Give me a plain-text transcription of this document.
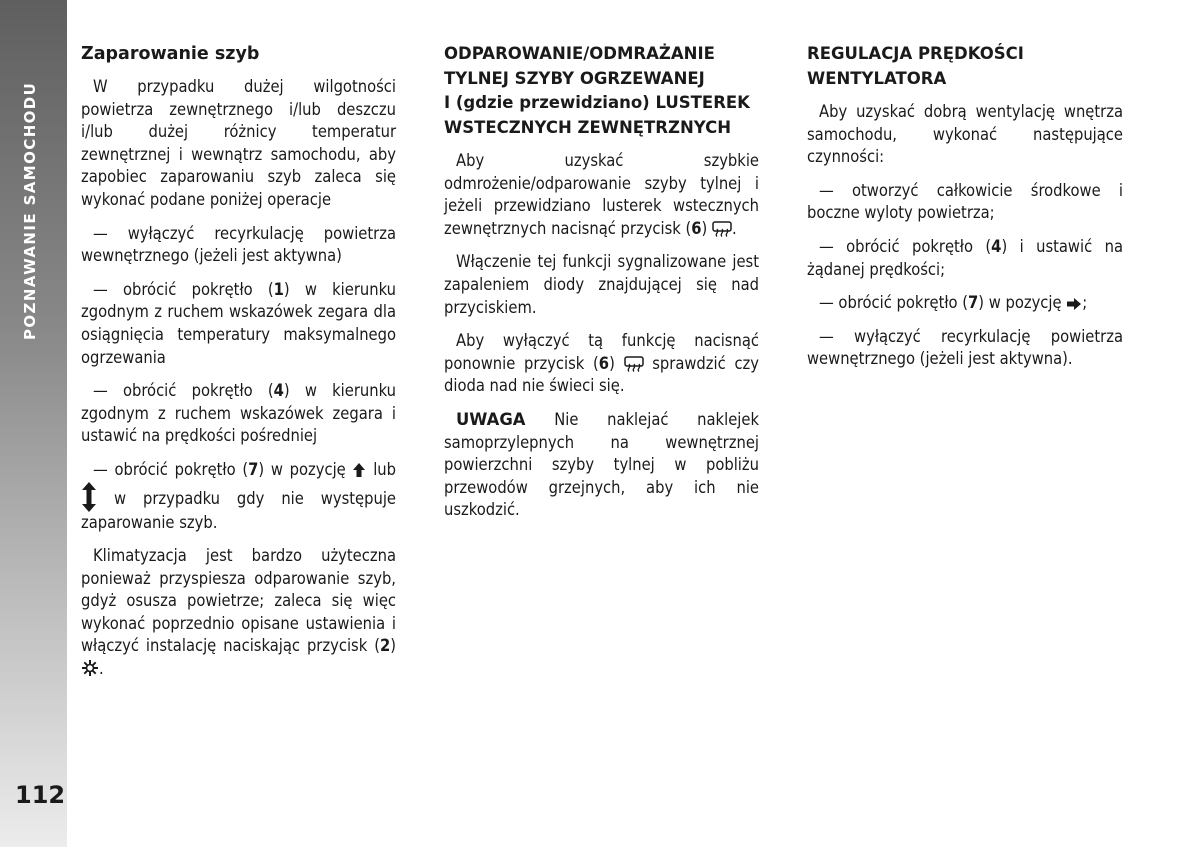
POZNAWANIE SAMOCHODU
112
Zaparowanie szyb

W przypadku dużej wilgotności powietrza zewnętrznego i/lub deszczu i/lub dużej różnicy temperatur zewnętrznej i wewnątrz samochodu, aby zapobiec zaparowaniu szyb zaleca się wykonać podane poniżej operacje

— wyłączyć recyrkulację powietrza wewnętrznego (jeżeli jest aktywna)

— obrócić pokrętło (1) w kierunku zgodnym z ruchem wskazówek zegara dla osiągnięcia temperatury maksymalnego ogrzewania

— obrócić pokrętło (4) w kierunku zgodnym z ruchem wskazówek zegara i ustawić na prędkości pośredniej

— obrócić pokrętło (7) w pozycję lub  w przypadku gdy nie występuje zaparowanie szyb.

Klimatyzacja jest bardzo użyteczna ponieważ przyspiesza odparowanie szyb, gdyż osusza powietrze; zaleca się więc wykonać poprzednio opisane ustawienia i włączyć instalację naciskając przycisk (2) .

ODPAROWANIE/ODMRAŻANIE
TYLNEJ SZYBY OGRZEWANEJ
I (gdzie przewidziano) LUSTEREK
WSTECZNYCH ZEWNĘTRZNYCH

Aby uzyskać szybkie odmrożenie/odparowanie szyby tylnej i jeżeli przewidziano lusterek wstecznych zewnętrznych nacisnąć przycisk (6) .

Włączenie tej funkcji sygnalizowane jest zapaleniem diody znajdującej się nad przyciskiem.

Aby wyłączyć tą funkcję nacisnąć ponownie przycisk (6) sprawdzić czy dioda nad nie świeci się.

UWAGA Nie naklejać naklejek samoprzylepnych na wewnętrznej powierzchni szyby tylnej w pobliżu przewodów grzejnych, aby ich nie uszkodzić.

REGULACJA PRĘDKOŚCI
WENTYLATORA

Aby uzyskać dobrą wentylację wnętrza samochodu, wykonać następujące czynności:

— otworzyć całkowicie środkowe i boczne wyloty powietrza;

— obrócić pokrętło (4) i ustawić na żądanej prędkości;

— obrócić pokrętło (7) w pozycję ;

— wyłączyć recyrkulację powietrza wewnętrznego (jeżeli jest aktywna).
